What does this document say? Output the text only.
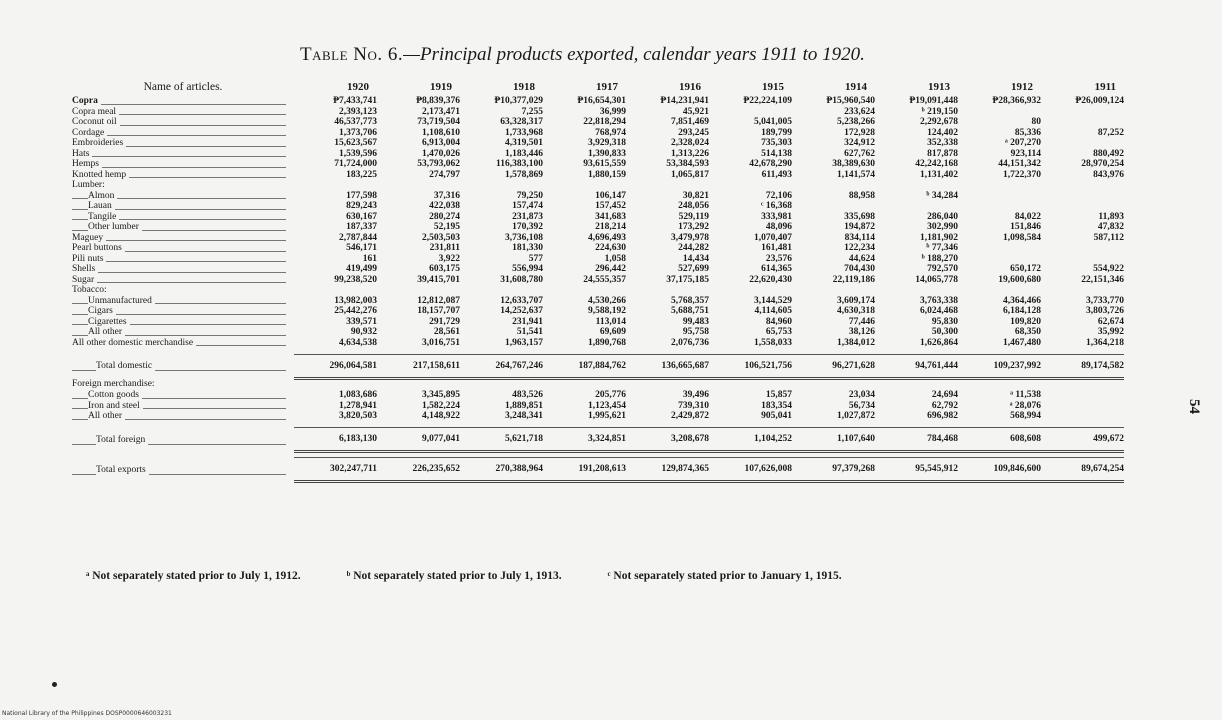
Table No. 6.—Principal products exported, calendar years 1911 to 1920.
Name of articles.	1920	1919	1918	1917	1916	1915	1914	1913	1912	1911

Copra	₱7,433,741	₱8,839,376	₱10,377,029	₱16,654,301	₱14,231,941	₱22,224,109	₱15,960,540	₱19,091,448	₱28,366,932	₱26,009,124

Copra meal	2,393,123	2,173,471	7,255	36,999	45,921		233,624	ᵇ 219,150		

Coconut oil	46,537,773	73,719,504	63,328,317	22,818,294	7,851,469	5,041,005	5,238,266	2,292,678	80	

Cordage	1,373,706	1,108,610	1,733,968	768,974	293,245	189,799	172,928	124,402	85,336	87,252

Embroideries	15,623,567	6,913,004	4,319,501	3,929,318	2,328,024	735,303	324,912	352,338	ᵃ 207,270	

Hats	1,539,596	1,470,026	1,183,446	1,390,833	1,313,226	514,138	627,762	817,878	923,114	880,492

Hemps	71,724,000	53,793,062	116,383,100	93,615,559	53,384,593	42,678,290	38,389,630	42,242,168	44,151,342	28,970,254

Knotted hemp	183,225	274,797	1,578,869	1,880,159	1,065,817	611,493	1,141,574	1,131,402	1,722,370	843,976
Lumber:										

Almon	177,598	37,316	79,250	106,147	30,821	72,106	88,958	ᵇ 34,284		

Lauan	829,243	422,038	157,474	157,452	248,056	ᶜ 16,368				

Tangile	630,167	280,274	231,873	341,683	529,119	333,981	335,698	286,040	84,022	11,893

Other lumber	187,337	52,195	170,392	218,214	173,292	48,096	194,872	302,990	151,846	47,832

Maguey	2,787,844	2,503,503	3,736,108	4,696,493	3,479,978	1,070,407	834,114	1,181,902	1,098,584	587,112

Pearl buttons	546,171	231,811	181,330	224,630	244,282	161,481	122,234	ᵇ 77,346		

Pili nuts	161	3,922	577	1,058	14,434	23,576	44,624	ᵇ 188,270		

Shells	419,499	603,175	556,994	296,442	527,699	614,365	704,430	792,570	650,172	554,922

Sugar	99,238,520	39,415,701	31,608,780	24,555,357	37,175,185	22,620,430	22,119,186	14,065,778	19,600,680	22,151,346
Tobacco:										

Unmanufactured	13,982,003	12,812,087	12,633,707	4,530,266	5,768,357	3,144,529	3,609,174	3,763,338	4,364,466	3,733,770

Cigars	25,442,276	18,157,707	14,252,637	9,588,192	5,688,751	4,114,605	4,630,318	6,024,468	6,184,128	3,803,726

Cigarettes	339,571	291,729	231,941	113,014	99,483	84,960	77,446	95,830	109,820	62,674

All other	90,932	28,561	51,541	69,609	95,758	65,753	38,126	50,300	68,350	35,992

All other domestic merchandise	4,634,538	3,016,751	1,963,157	1,890,768	2,076,736	1,558,033	1,384,012	1,626,864	1,467,480	1,364,218

Total domestic	296,064,581	217,158,611	264,767,246	187,884,762	136,665,687	106,521,756	96,271,628	94,761,444	109,237,992	89,174,582
Foreign merchandise:										

Cotton goods	1,083,686	3,345,895	483,526	205,776	39,496	15,857	23,034	24,694	ᵃ 11,538	

Iron and steel	1,278,941	1,582,224	1,889,851	1,123,454	739,310	183,354	56,734	62,792	ᵃ 28,076	

All other	3,820,503	4,148,922	3,248,341	1,995,621	2,429,872	905,041	1,027,872	696,982	568,994	

Total foreign	6,183,130	9,077,041	5,621,718	3,324,851	3,208,678	1,104,252	1,107,640	784,468	608,608	499,672

Total exports	302,247,711	226,235,652	270,388,964	191,208,613	129,874,365	107,626,008	97,379,268	95,545,912	109,846,600	89,674,254
ᵃ Not separately stated prior to July 1, 1912.	ᵇ Not separately stated prior to July 1, 1913.	ᶜ Not separately stated prior to January 1, 1915.
54
National Library of the Philippines DOSP0000646003231
